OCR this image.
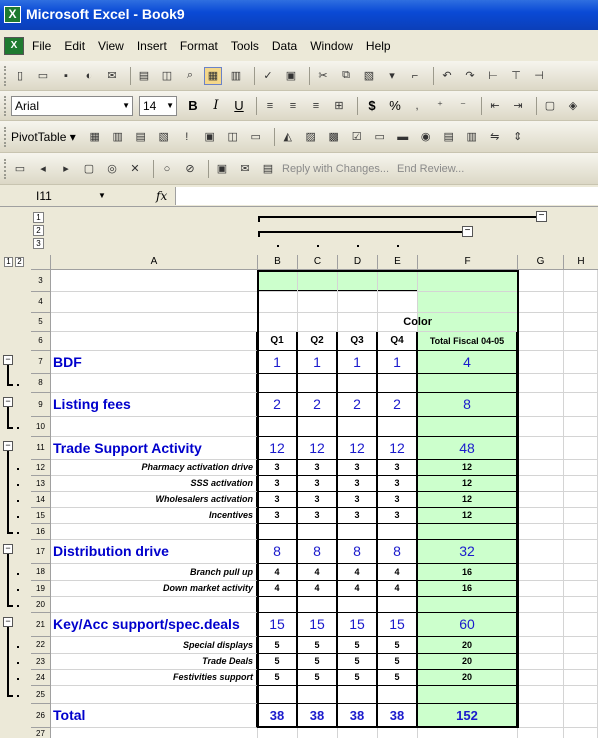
X Microsoft Excel - Book9
X	File Edit View Insert Format Tools Data Window Help
▯	▭	▪	◐	✉	▤	◫	⌕	▦	▥	✓	▣	✂	⧉	▧	▾	⌐	↶	↷	⊢	⊤	⊣
Arial	▼	14 ▼	B	I	U	≡	≡	≡	⊞	$	%	,	⁺	⁻	⇤	⇥	▢	◈
PivotTable ▾	▦	▥	▤	▧	!	▣	◫	▭	◭	▨	▩	☑	▭	▬	◉	▤	▥	⇋	⇕
▭	◂	▸	▢	◎	✕	○	⊘	▣	✉	▤ Reply with Changes... End Review...
I11	▼	fx
1
2
3
−
−
1 2	A	B	C	D	E	F	G	H
−
−
−
−
−
3
4
5
6	Q1	Q2	Q3	Q4	Total Fiscal 04-05
7 BDF	1	1	1	1	4
8
9 Listing fees	2	2	2	2	8
10
11 Trade Support Activity	12	12	12	12	48
12	Pharmacy activation drive	3	3	3	3	12
13	SSS activation	3	3	3	3	12
14	Wholesalers activation	3	3	3	3	12
15	Incentives	3	3	3	3	12
16
17 Distribution drive	8	8	8	8	32
18	Branch pull up	4	4	4	4	16
19	Down market activity	4	4	4	4	16
20
21 Key/Acc support/spec.deals	15	15	15	15	60
22	Special displays	5	5	5	5	20
23	Trade Deals	5	5	5	5	20
24	Festivities support	5	5	5	5	20
25
26 Total	38	38	38	38	152
27
Color
